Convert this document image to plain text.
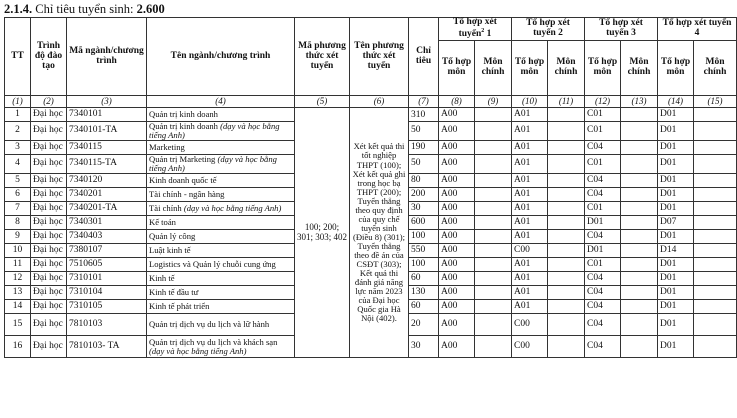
2.1.4. Chỉ tiêu tuyển sinh: 2.600
TT	Trình độ đào tạo	Mã ngành/chương trình	Tên ngành/chương trình	Mã phương thức xét tuyển	Tên phương thức xét tuyển	Chỉ tiêu	Tổ hợp xét tuyển$^2$ 1		Tổ hợp xét tuyển 2		Tổ hợp xét tuyển 3		Tổ hợp xét tuyển 4	
							Tổ hợp môn	Môn chính	Tổ hợp môn	Môn chính	Tổ hợp môn	Môn chính	Tổ hợp môn	Môn chính
(1)	(2)	(3)	(4)	(5)	(6)	(7)	(8)	(9)	(10)	(11)	(12)	(13)	(14)	(15)
1	Đại học	7340101	Quản trị kinh doanh	100; 200; 301; 303; 402	Xét kết quả thi tốt nghiệp THPT (100); Xét kết quả ghi trong học bạ THPT (200); Tuyển thẳng theo quy định của quy chế tuyển sinh (Điều 8) (301); Tuyển thẳng theo đề án của CSĐT (303); Kết quả thi đánh giá năng lực năm 2023 của Đại học Quốc gia Hà Nội (402).	310	A00		A01		C01		D01	
2	Đại học	7340101-TA	Quản trị kinh doanh (dạy và học bằng tiếng Anh)			50	A00		A01		C01		D01	
3	Đại học	7340115	Marketing			190	A00		A01		C04		D01	
4	Đại học	7340115-TA	Quản trị Marketing (dạy và học bằng tiếng Anh)			50	A00		A01		C01		D01	
5	Đại học	7340120	Kinh doanh quốc tế			80	A00		A01		C04		D01	
6	Đại học	7340201	Tài chính - ngân hàng			200	A00		A01		C04		D01	
7	Đại học	7340201-TA	Tài chính (dạy và học bằng tiếng Anh)			30	A00		A01		C01		D01	
8	Đại học	7340301	Kế toán			600	A00		A01		D01		D07	
9	Đại học	7340403	Quản lý công			100	A00		A01		C04		D01	
10	Đại học	7380107	Luật kinh tế			550	A00		C00		D01		D14	
11	Đại học	7510605	Logistics và Quản lý chuỗi cung ứng			100	A00		A01		C01		D01	
12	Đại học	7310101	Kinh tế			60	A00		A01		C04		D01	
13	Đại học	7310104	Kinh tế đầu tư			130	A00		A01		C04		D01	
14	Đại học	7310105	Kinh tế phát triển			60	A00		A01		C04		D01	
15	Đại học	7810103	Quản trị dịch vụ du lịch và lữ hành			20	A00		C00		C04		D01	
16	Đại học	7810103- TA	Quản trị dịch vụ du lịch và khách sạn (dạy và học bằng tiếng Anh)			30	A00		C00		C04		D01	
